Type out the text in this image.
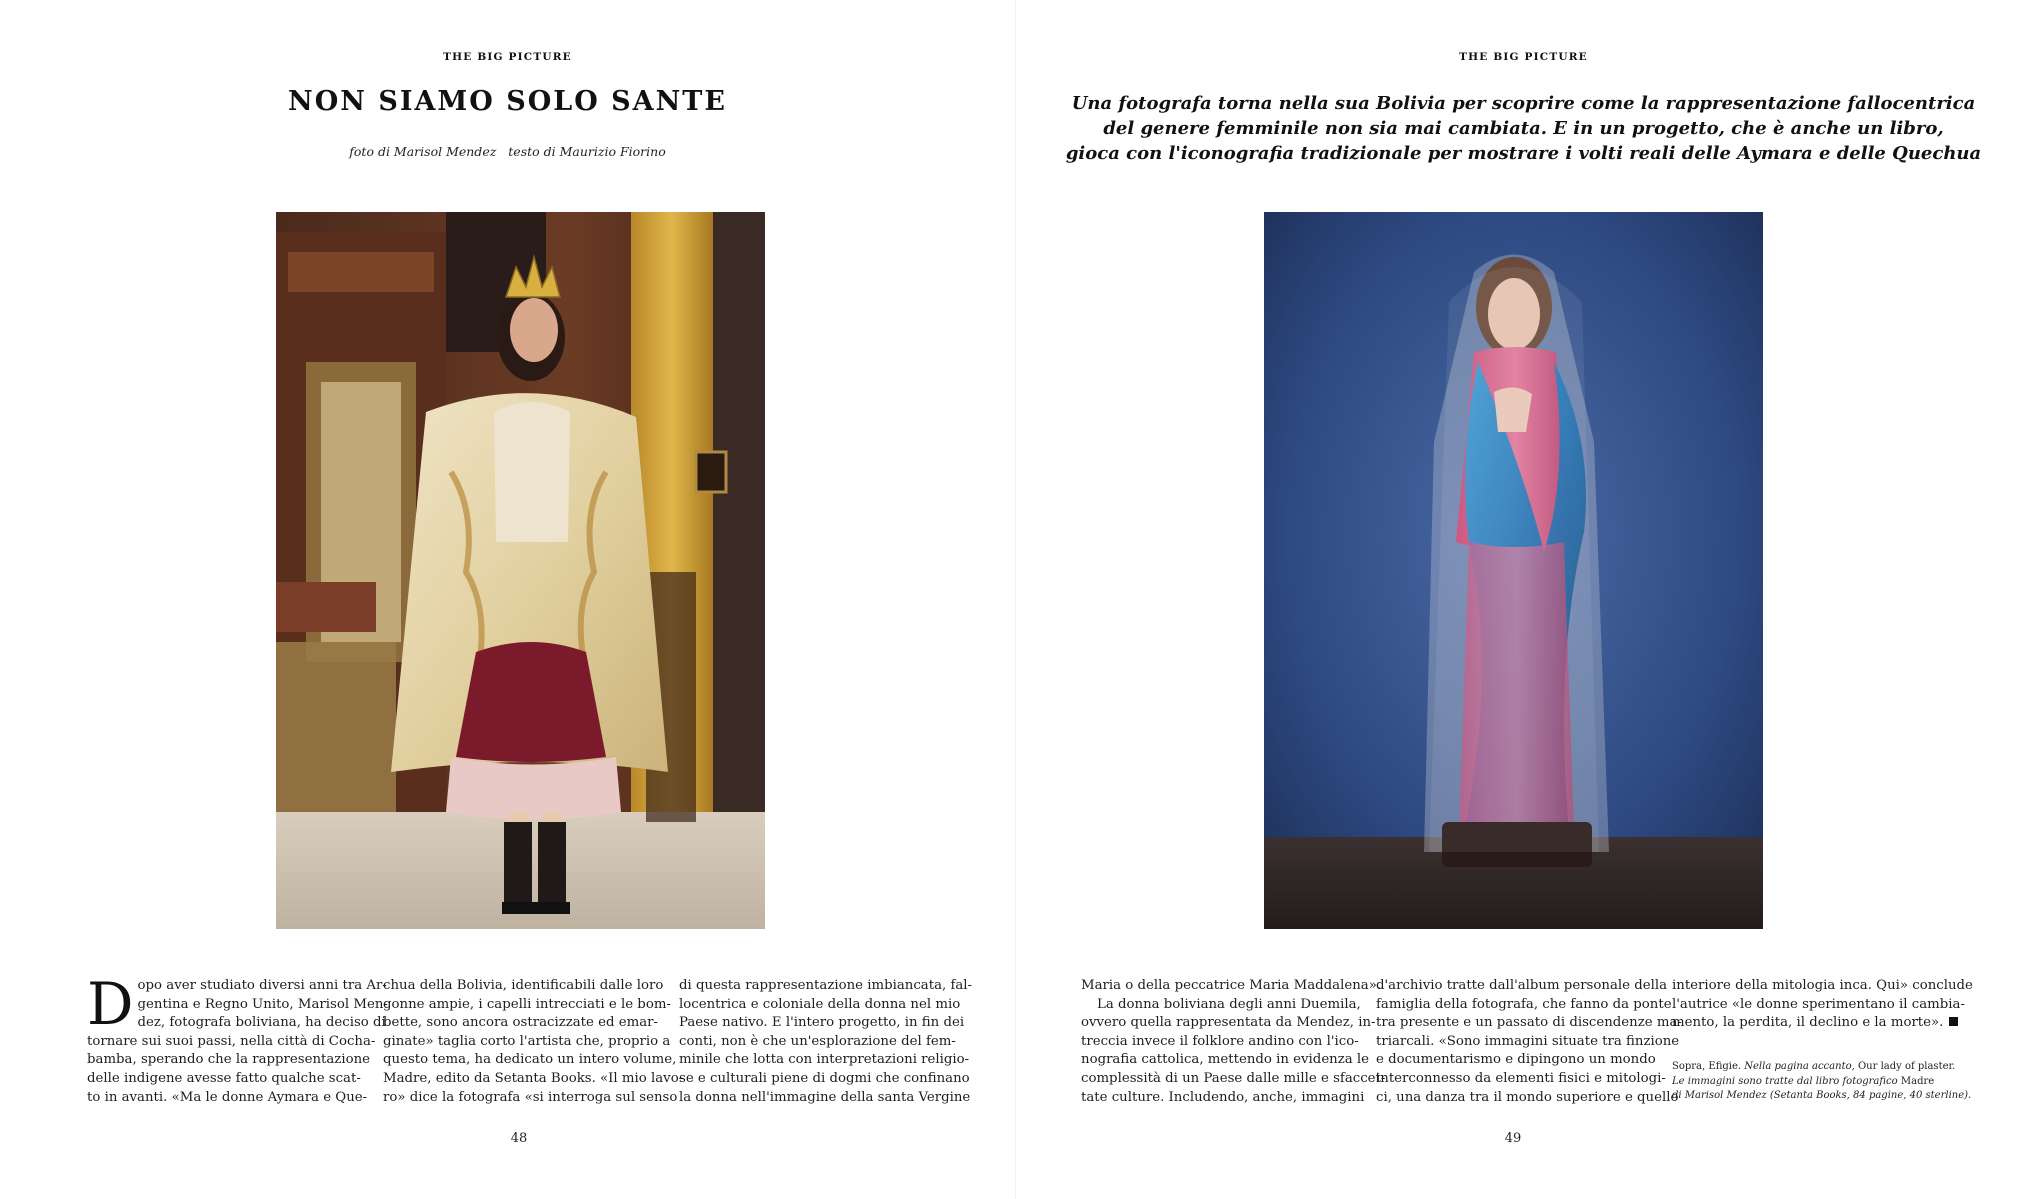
THE BIG PICTURE
NON SIAMO SOLO SANTE
foto di Marisol Mendez testo di Maurizio Fiorino
D opo aver studiato diversi anni tra Ar-
gentina e Regno Unito, Marisol Men-
dez, fotografa boliviana, ha deciso di
tornare sui suoi passi, nella città di Cocha-
bamba, sperando che la rappresentazione
delle indigene avesse fatto qualche scat-
to in avanti. «Ma le donne Aymara e Que-
chua della Bolivia, identificabili dalle loro
gonne ampie, i capelli intrecciati e le bom-
bette, sono ancora ostracizzate ed emar-
ginate» taglia corto l'artista che, proprio a
questo tema, ha dedicato un intero volume,
Madre, edito da Setanta Books. «Il mio lavo-
ro» dice la fotografa «si interroga sul senso
di questa rappresentazione imbiancata, fal-
locentrica e coloniale della donna nel mio
Paese nativo. E l'intero progetto, in fin dei
conti, non è che un'esplorazione del fem-
minile che lotta con interpretazioni religio-
se e culturali piene di dogmi che confinano
la donna nell'immagine della santa Vergine
48
THE BIG PICTURE
Una fotografa torna nella sua Bolivia per scoprire come la rappresentazione fallocentrica
del genere femminile non sia mai cambiata. E in un progetto, che è anche un libro,
gioca con l'iconografia tradizionale per mostrare i volti reali delle Aymara e delle Quechua
Maria o della peccatrice Maria Maddalena».
La donna boliviana degli anni Duemila,
ovvero quella rappresentata da Mendez, in-
treccia invece il folklore andino con l'ico-
nografia cattolica, mettendo in evidenza le
complessità di un Paese dalle mille e sfaccet-
tate culture. Includendo, anche, immagini
d'archivio tratte dall'album personale della
famiglia della fotografa, che fanno da ponte
tra presente e un passato di discendenze ma-
triarcali. «Sono immagini situate tra finzione
e documentarismo e dipingono un mondo
interconnesso da elementi fisici e mitologi-
ci, una danza tra il mondo superiore e quello
interiore della mitologia inca. Qui» conclude
l'autrice «le donne sperimentano il cambia-
mento, la perdita, il declino e la morte».
Sopra, Efigie. Nella pagina accanto, Our lady of plaster.
Le immagini sono tratte dal libro fotografico Madre
di Marisol Mendez (Setanta Books, 84 pagine, 40 sterline).
49
